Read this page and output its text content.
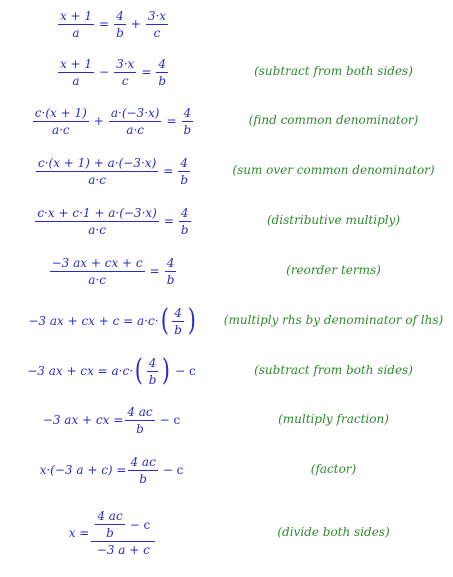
$\frac{x + 1}{a} = \frac{4}{b} + \frac{3\cdot x}{c}$
$\frac{x + 1}{a} - \frac{3\cdot x}{c} = \frac{4}{b}$	(subtract from both sides)
$\frac{c\cdot(x + 1)}{a\cdot c} + \frac{a\cdot(-3\cdot x)}{a\cdot c} = \frac{4}{b}$	(find common denominator)
$\frac{c\cdot(x + 1) + a\cdot(-3\cdot x)}{a\cdot c} = \frac{4}{b}$	(sum over common denominator)
$\frac{c\cdot x + c\cdot 1 + a\cdot(-3\cdot x)}{a\cdot c} = \frac{4}{b}$	(distributive multiply)
$\frac{-3 ax + cx + c}{a\cdot c} = \frac{4}{b}$	(reorder terms)
−3 ax + cx + c = a·c· ( $\frac{4}{b}$ )	(multiply rhs by denominator of lhs)
−3 ax + cx = a·c· ( $\frac{4}{b}$ ) − c	(subtract from both sides)
−3 ax + cx = $\frac{4 ac}{b} - c$	(multiply fraction)
x·(−3 $a + c) = \frac{4 ac}{b} - c$	(factor)
$x = \frac{\frac{4 ac}{b} - c}{-3 a + c}$	(divide both sides)
